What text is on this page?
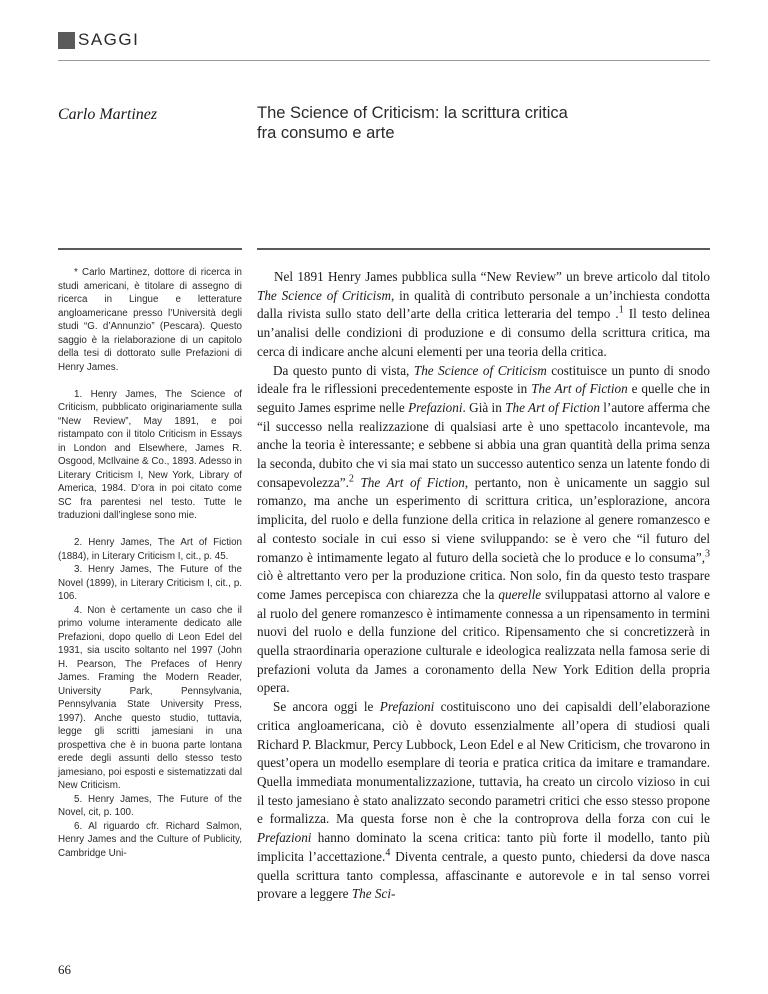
SAGGI
Carlo Martinez	The Science of Criticism: la scrittura critica
fra consumo e arte

* Carlo Martinez, dottore di ricerca in studi americani, è titolare di assegno di ricerca in Lingue e letterature angloamericane presso l’Università degli studi “G. d’Annunzio” (Pescara). Questo saggio è la rielaborazione di un capitolo della tesi di dottorato sulle Prefazioni di Henry James.

1. Henry James, The Science of Criticism, pubblicato originariamente sulla “New Review”, May 1891, e poi ristampato con il titolo Criticism in Essays in London and Elsewhere, James R. Osgood, McIlvaine & Co., 1893. Adesso in Literary Criticism I, New York, Library of America, 1984. D’ora in poi citato come SC fra parentesi nel testo. Tutte le traduzioni dall’inglese sono mie.

2. Henry James, The Art of Fiction (1884), in Literary Criticism I, cit., p. 45.

3. Henry James, The Future of the Novel (1899), in Literary Criticism I, cit., p. 106.

4. Non è certamente un caso che il primo volume interamente dedicato alle Prefazioni, dopo quello di Leon Edel del 1931, sia uscito soltanto nel 1997 (John H. Pearson, The Prefaces of Henry James. Framing the Modern Reader, University Park, Pennsylvania, Pennsylvania State University Press, 1997). Anche questo studio, tuttavia, legge gli scritti jamesiani in una prospettiva che è in buona parte lontana erede degli assunti dello stesso testo jamesiano, poi esposti e sistematizzati dal New Criticism.

5. Henry James, The Future of the Novel, cit, p. 100.

6. Al riguardo cfr. Richard Salmon, Henry James and the Culture of Publicity, Cambridge Uni-

Nel 1891 Henry James pubblica sulla “New Review” un breve articolo dal titolo The Science of Criticism, in qualità di contributo personale a un’inchiesta condotta dalla rivista sullo stato dell’arte della critica letteraria del tempo .$^1$ Il testo delinea un’analisi delle condizioni di produzione e di consumo della scrittura critica, ma cerca di indicare anche alcuni elementi per una teoria della critica.

Da questo punto di vista, The Science of Criticism costituisce un punto di snodo ideale fra le riflessioni precedentemente esposte in The Art of Fiction e quelle che in seguito James esprime nelle Prefazioni. Già in The Art of Fiction l’autore afferma che “il successo nella realizzazione di qualsiasi arte è uno spettacolo incantevole, ma anche la teoria è interessante; e sebbene si abbia una gran quantità della prima senza la seconda, dubito che vi sia mai stato un successo autentico senza un latente fondo di consapevolezza”.$^2$ The Art of Fiction, pertanto, non è unicamente un saggio sul romanzo, ma anche un esperimento di scrittura critica, un’esplorazione, ancora implicita, del ruolo e della funzione della critica in relazione al genere romanzesco e al contesto sociale in cui esso si viene sviluppando: se è vero che “il futuro del romanzo è intimamente legato al futuro della società che lo produce e lo consuma”,$^3$ ciò è altrettanto vero per la produzione critica. Non solo, fin da questo testo traspare come James percepisca con chiarezza che la querelle sviluppatasi attorno al valore e al ruolo del genere romanzesco è intimamente connessa a un ripensamento in termini nuovi del ruolo e della funzione del critico. Ripensamento che si concretizzerà in quella straordinaria operazione culturale e ideologica realizzata nella famosa serie di prefazioni voluta da James a coronamento della New York Edition della propria opera.

Se ancora oggi le Prefazioni costituiscono uno dei capisaldi dell’elaborazione critica angloamericana, ciò è dovuto essenzialmente all’opera di studiosi quali Richard P. Blackmur, Percy Lubbock, Leon Edel e al New Criticism, che trovarono in quest’opera un modello esemplare di teoria e pratica critica da imitare e tramandare. Quella immediata monumentalizzazione, tuttavia, ha creato un circolo vizioso in cui il testo jamesiano è stato analizzato secondo parametri critici che esso stesso propone e formalizza. Ma questa forse non è che la controprova della forza con cui le Prefazioni hanno dominato la scena critica: tanto più forte il modello, tanto più implicita l’accettazione.$^4$ Diventa centrale, a questo punto, chiedersi da dove nasca quella scrittura tanto complessa, affascinante e autorevole e in tal senso vorrei provare a leggere The Sci-

66
